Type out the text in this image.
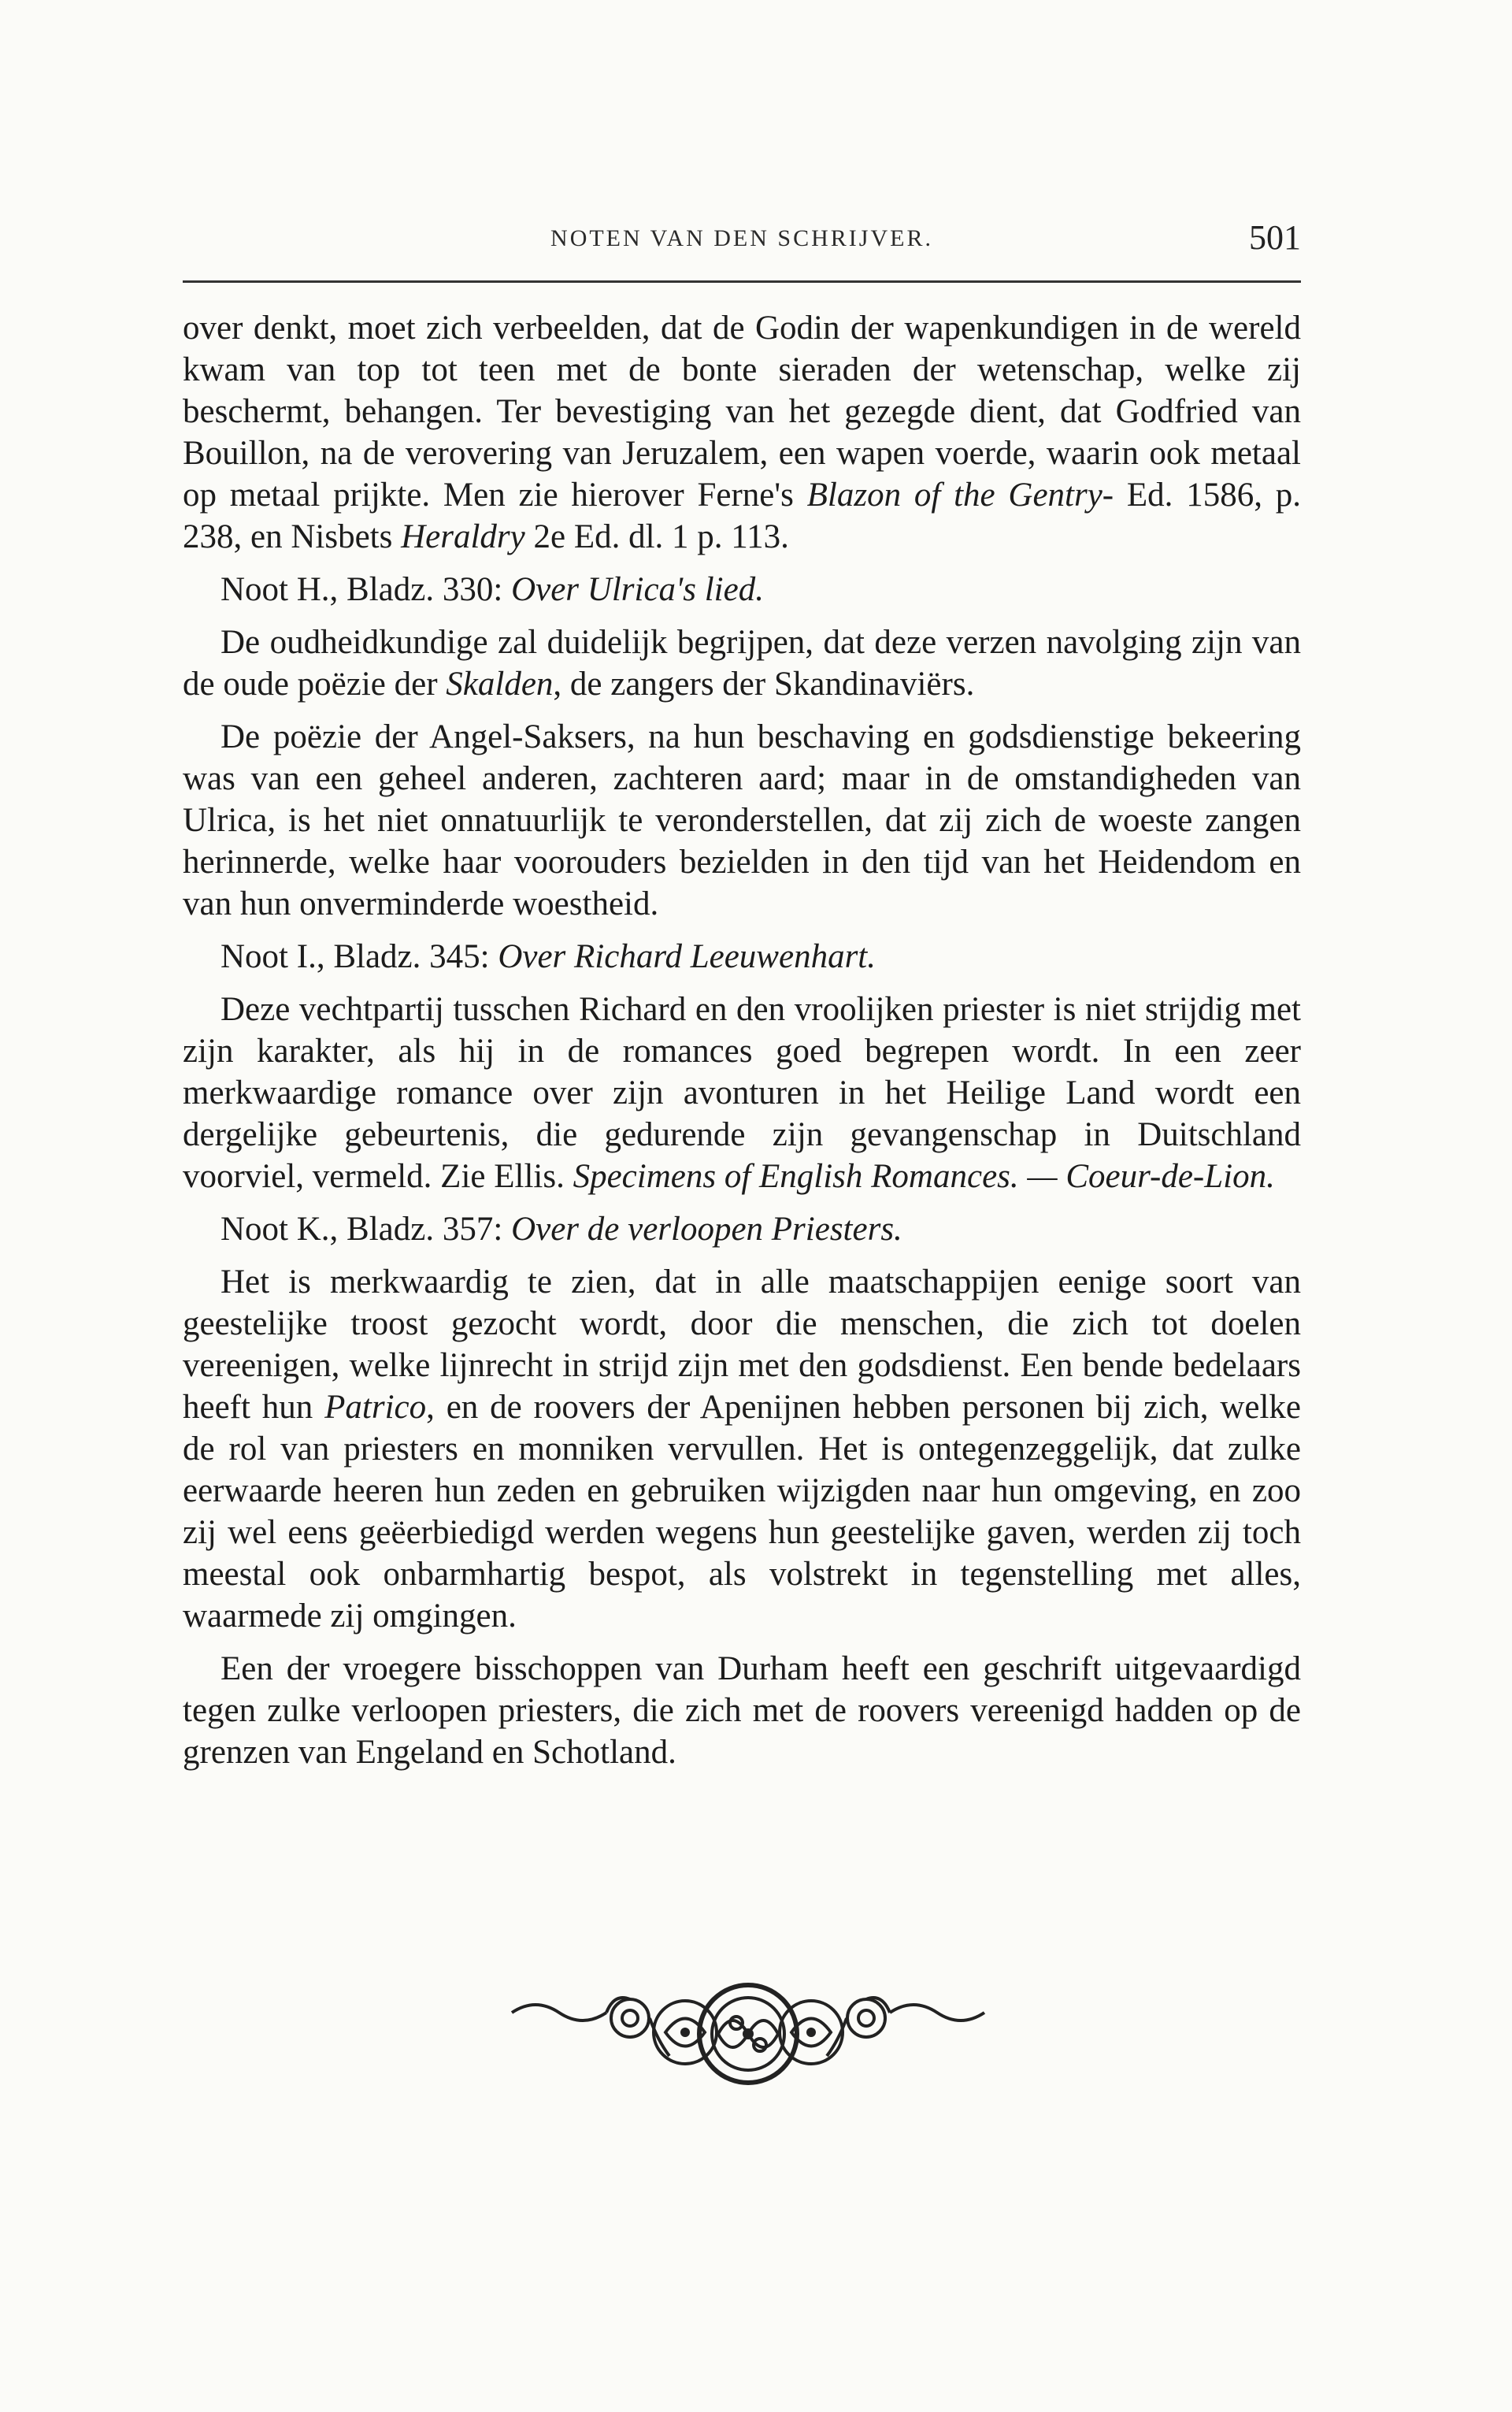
NOTEN VAN DEN SCHRIJVER.	501

over denkt, moet zich verbeelden, dat de Godin der wapenkundigen in de wereld kwam van top tot teen met de bonte sieraden der wetenschap, welke zij beschermt, behangen. Ter bevestiging van het gezegde dient, dat Godfried van Bouillon, na de verovering van Jeruzalem, een wapen voerde, waarin ook metaal op metaal prijkte. Men zie hierover Ferne's Blazon of the Gentry- Ed. 1586, p. 238, en Nisbets Heraldry 2e Ed. dl. 1 p. 113.

Noot H., Bladz. 330: Over Ulrica's lied.

De oudheidkundige zal duidelijk begrijpen, dat deze verzen navolging zijn van de oude poëzie der Skalden, de zangers der Skandinaviërs.

De poëzie der Angel-Saksers, na hun beschaving en godsdienstige bekeering was van een geheel anderen, zachteren aard; maar in de omstandigheden van Ulrica, is het niet onnatuurlijk te veronderstellen, dat zij zich de woeste zangen herinnerde, welke haar voorouders bezielden in den tijd van het Heidendom en van hun onverminderde woestheid.

Noot I., Bladz. 345: Over Richard Leeuwenhart.

Deze vechtpartij tusschen Richard en den vroolijken priester is niet strijdig met zijn karakter, als hij in de romances goed begrepen wordt. In een zeer merkwaardige romance over zijn avonturen in het Heilige Land wordt een dergelijke gebeurtenis, die gedurende zijn gevangenschap in Duitschland voorviel, vermeld. Zie Ellis. Specimens of English Romances. — Coeur-de-Lion.

Noot K., Bladz. 357: Over de verloopen Priesters.

Het is merkwaardig te zien, dat in alle maatschappijen eenige soort van geestelijke troost gezocht wordt, door die menschen, die zich tot doelen vereenigen, welke lijnrecht in strijd zijn met den godsdienst. Een bende bedelaars heeft hun Patrico, en de roovers der Apenijnen hebben personen bij zich, welke de rol van priesters en monniken vervullen. Het is ontegenzeggelijk, dat zulke eerwaarde heeren hun zeden en gebruiken wijzigden naar hun omgeving, en zoo zij wel eens geëerbiedigd werden wegens hun geestelijke gaven, werden zij toch meestal ook onbarmhartig bespot, als volstrekt in tegenstelling met alles, waarmede zij omgingen.

Een der vroegere bisschoppen van Durham heeft een geschrift uitgevaardigd tegen zulke verloopen priesters, die zich met de roovers vereenigd hadden op de grenzen van Engeland en Schotland.
